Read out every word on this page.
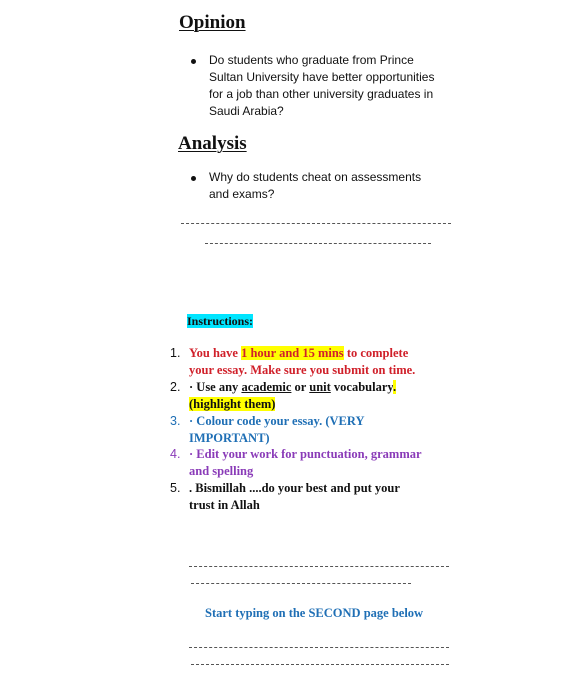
Opinion
Do students who graduate from Prince
Sultan University have better opportunities
for a job than other university graduates in
Saudi Arabia?
Analysis
Why do students cheat on assessments
and exams?
Instructions:
1. You have 1 hour and 15 mins to complete
your essay. Make sure you submit on time.
2. · Use any academic or unit vocabulary.
(highlight them)
3. · Colour code your essay. (VERY
IMPORTANT)
4. · Edit your work for punctuation, grammar
and spelling
5. . Bismillah ....do your best and put your
trust in Allah
Start typing on the SECOND page below
